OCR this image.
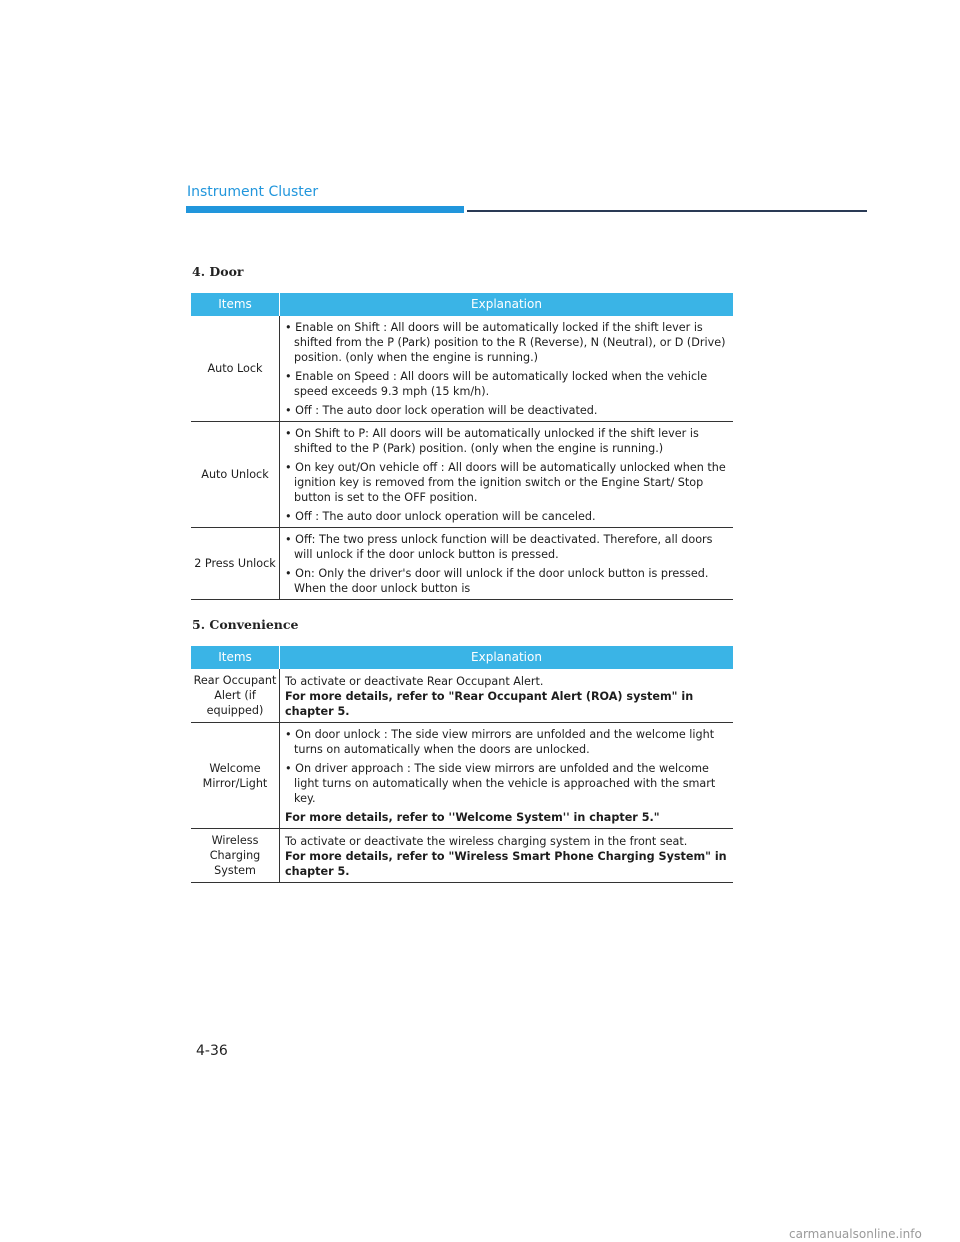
Instrument Cluster
4. Door
Items	Explanation
Auto Lock	• Enable on Shift : All doors will be automatically locked if the shift lever is shifted from the P (Park) position to the R (Reverse), N (Neutral), or D (Drive) position. (only when the engine is running.)

• Enable on Speed : All doors will be automatically locked when the vehicle speed exceeds 9.3 mph (15 km/h).

• Off : The auto door lock operation will be deactivated.

Auto Unlock	• On Shift to P: All doors will be automatically unlocked if the shift lever is shifted to the P (Park) position. (only when the engine is running.)

• On key out/On vehicle off : All doors will be automatically unlocked when the ignition key is removed from the ignition switch or the Engine Start/ Stop button is set to the OFF position.

• Off : The auto door unlock operation will be canceled.

2 Press Unlock	• Off: The two press unlock function will be deactivated. Therefore, all doors will unlock if the door unlock button is pressed.

• On: Only the driver's door will unlock if the door unlock button is pressed. When the door unlock button is

5. Convenience
Items	Explanation
Rear Occupant Alert (if equipped)	To activate or deactivate Rear Occupant Alert.

For more details, refer to "Rear Occupant Alert (ROA) system" in chapter 5.

Welcome Mirror/Light	• On door unlock : The side view mirrors are unfolded and the welcome light turns on automatically when the doors are unlocked.

• On driver approach : The side view mirrors are unfolded and the welcome light turns on automatically when the vehicle is approached with the smart key.

For more details, refer to ''Welcome System'' in chapter 5."

Wireless Charging System	To activate or deactivate the wireless charging system in the front seat.

For more details, refer to "Wireless Smart Phone Charging System" in chapter 5.

4-36
carmanualsonline.info
